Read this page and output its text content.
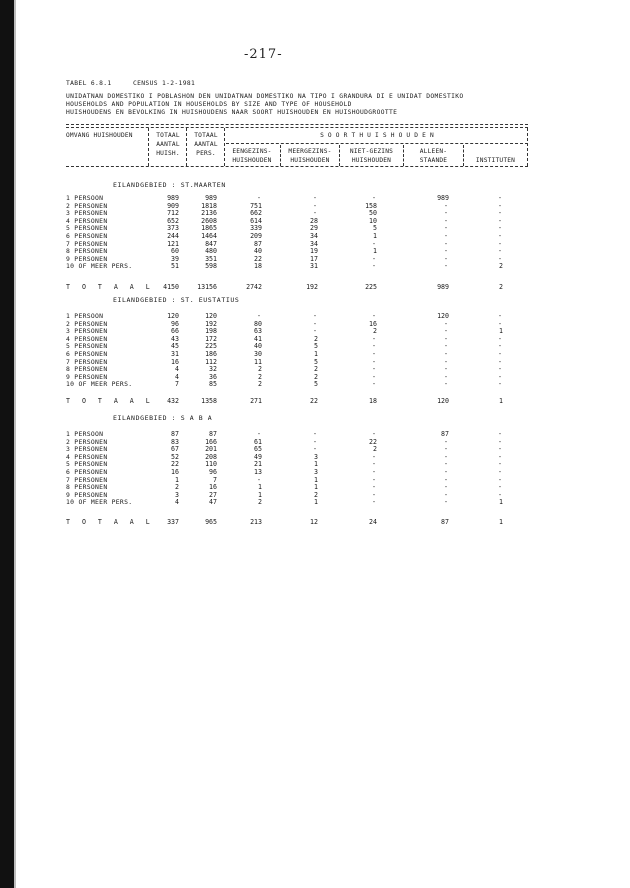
-217-
TABEL 6.8.1	CENSUS 1-2-1981
UNIDATNAN DOMESTIKO I POBLASHON DEN UNIDATNAN DOMESTIKO NA TIPO I GRANDURA DI E UNIDAT DOMESTIKO
HOUSEHOLDS AND POPULATION IN HOUSEHOLDS BY SIZE AND TYPE OF HOUSEHOLD
HUISHOUDENS EN BEVOLKING IN HUISHOUDENS NAAR SOORT HUISHOUDEN EN HUISHOUDGROOTTE
OMVANG HUISHOUDEN	TOTAAL
AANTAL
HUISH.
TOTAAL
AANTAL
PERS.
S O O R T H U I S H O U D E N
EENGEZINS-
HUISHOUDEN
MEERGEZINS-
HUISHOUDEN
NIET-GEZINS
HUISHOUDEN
ALLEEN-
STAANDE	INSTITUTEN
EILANDGEBIED : ST.MAARTEN
1 PERSOON	989	989	-	-	-	989	-
2 PERSONEN	909	1818	751	-	158	-	-
3 PERSONEN	712	2136	662	-	50	-	-
4 PERSONEN	652	2608	614	28	10	-	-
5 PERSONEN	373	1865	339	29	5	-	-
6 PERSONEN	244	1464	209	34	1	-	-
7 PERSONEN	121	847	87	34	-	-	-
8 PERSONEN	60	480	40	19	1	-	-
9 PERSONEN	39	351	22	17	-	-	-
10 OF MEER PERS.	51	598	18	31	-	-	2
T O T A A L	4150	13156	2742	192	225	989	2
EILANDGEBIED : ST. EUSTATIUS
1 PERSOON	120	120	-	-	-	120	-
2 PERSONEN	96	192	80	-	16	-	-
3 PERSONEN	66	198	63	-	2	-	1
4 PERSONEN	43	172	41	2	-	-	-
5 PERSONEN	45	225	40	5	-	-	-
6 PERSONEN	31	186	30	1	-	-	-
7 PERSONEN	16	112	11	5	-	-	-
8 PERSONEN	4	32	2	2	-	-	-
9 PERSONEN	4	36	2	2	-	-	-
10 OF MEER PERS.	7	85	2	5	-	-	-
T O T A A L	432	1358	271	22	18	120	1
EILANDGEBIED : S A B A
1 PERSOON	87	87	-	-	-	87	-
2 PERSONEN	83	166	61	-	22	-	-
3 PERSONEN	67	201	65	-	2	-	-
4 PERSONEN	52	208	49	3	-	-	-
5 PERSONEN	22	110	21	1	-	-	-
6 PERSONEN	16	96	13	3	-	-	-
7 PERSONEN	1	7	-	1	-	-	-
8 PERSONEN	2	16	1	1	-	-	-
9 PERSONEN	3	27	1	2	-	-	-
10 OF MEER PERS.	4	47	2	1	-	-	1
T O T A A L	337	965	213	12	24	87	1
